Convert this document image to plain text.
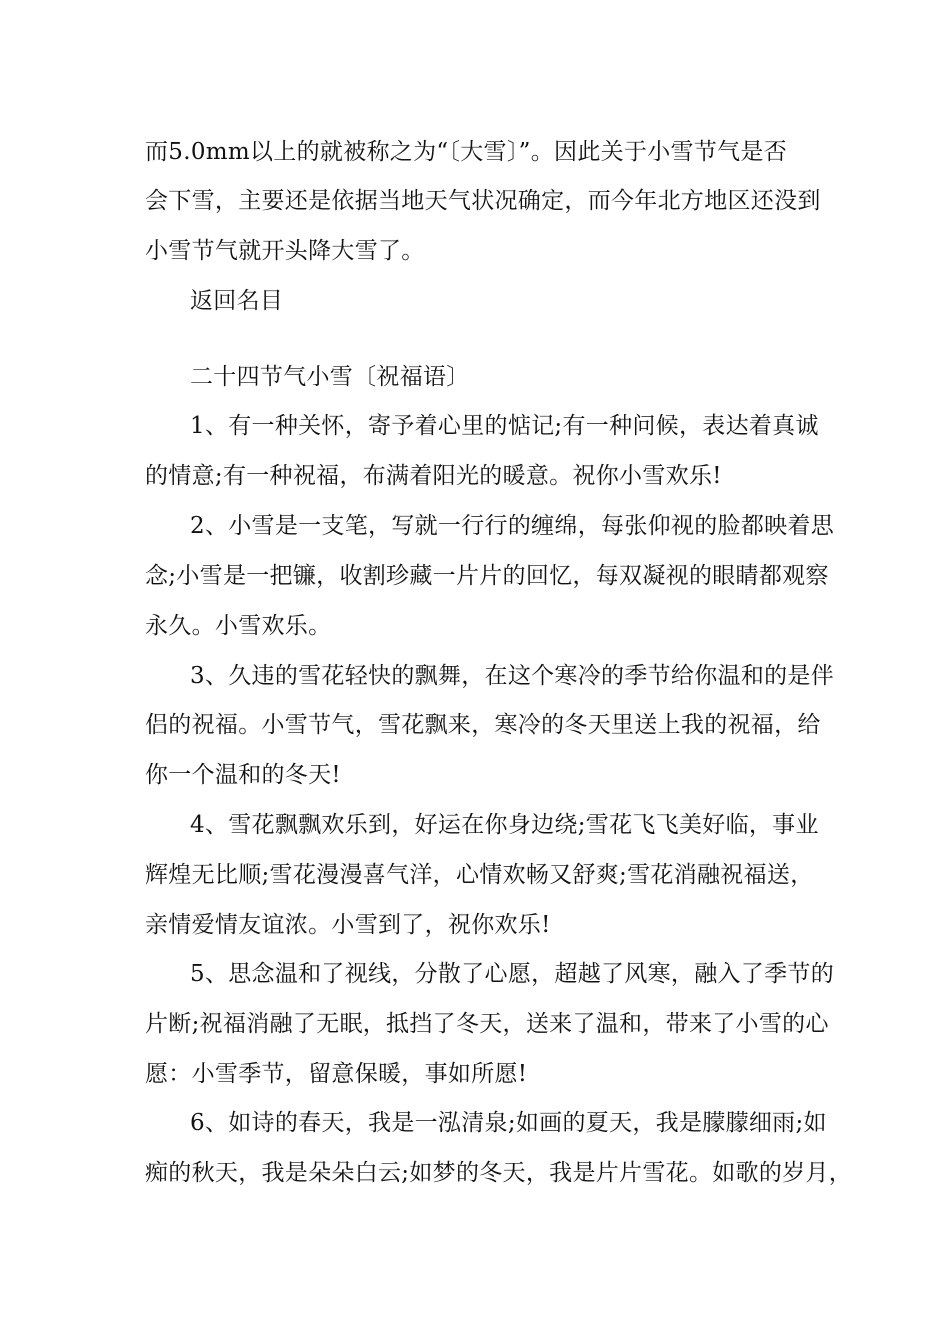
而5.0mm以上的就被称之为“〔大雪〕”。因此关于小雪节气是否
会下雪，主要还是依据当地天气状况确定，而今年北方地区还没到
小雪节气就开头降大雪了。
返回名目
二十四节气小雪〔祝福语〕
1、有一种关怀，寄予着心里的惦记;有一种问候，表达着真诚
的情意;有一种祝福，布满着阳光的暖意。祝你小雪欢乐!
2、小雪是一支笔，写就一行行的缠绵，每张仰视的脸都映着思
念;小雪是一把镰，收割珍藏一片片的回忆，每双凝视的眼睛都观察
永久。小雪欢乐。
3、久违的雪花轻快的飘舞，在这个寒冷的季节给你温和的是伴
侣的祝福。小雪节气，雪花飘来，寒冷的冬天里送上我的祝福，给
你一个温和的冬天!
4、雪花飘飘欢乐到，好运在你身边绕;雪花飞飞美好临，事业
辉煌无比顺;雪花漫漫喜气洋，心情欢畅又舒爽;雪花消融祝福送，
亲情爱情友谊浓。小雪到了，祝你欢乐!
5、思念温和了视线，分散了心愿，超越了风寒，融入了季节的
片断;祝福消融了无眠，抵挡了冬天，送来了温和，带来了小雪的心
愿：小雪季节，留意保暖，事如所愿!
6、如诗的春天，我是一泓清泉;如画的夏天，我是朦朦细雨;如
痴的秋天，我是朵朵白云;如梦的冬天，我是片片雪花。如歌的岁月，
